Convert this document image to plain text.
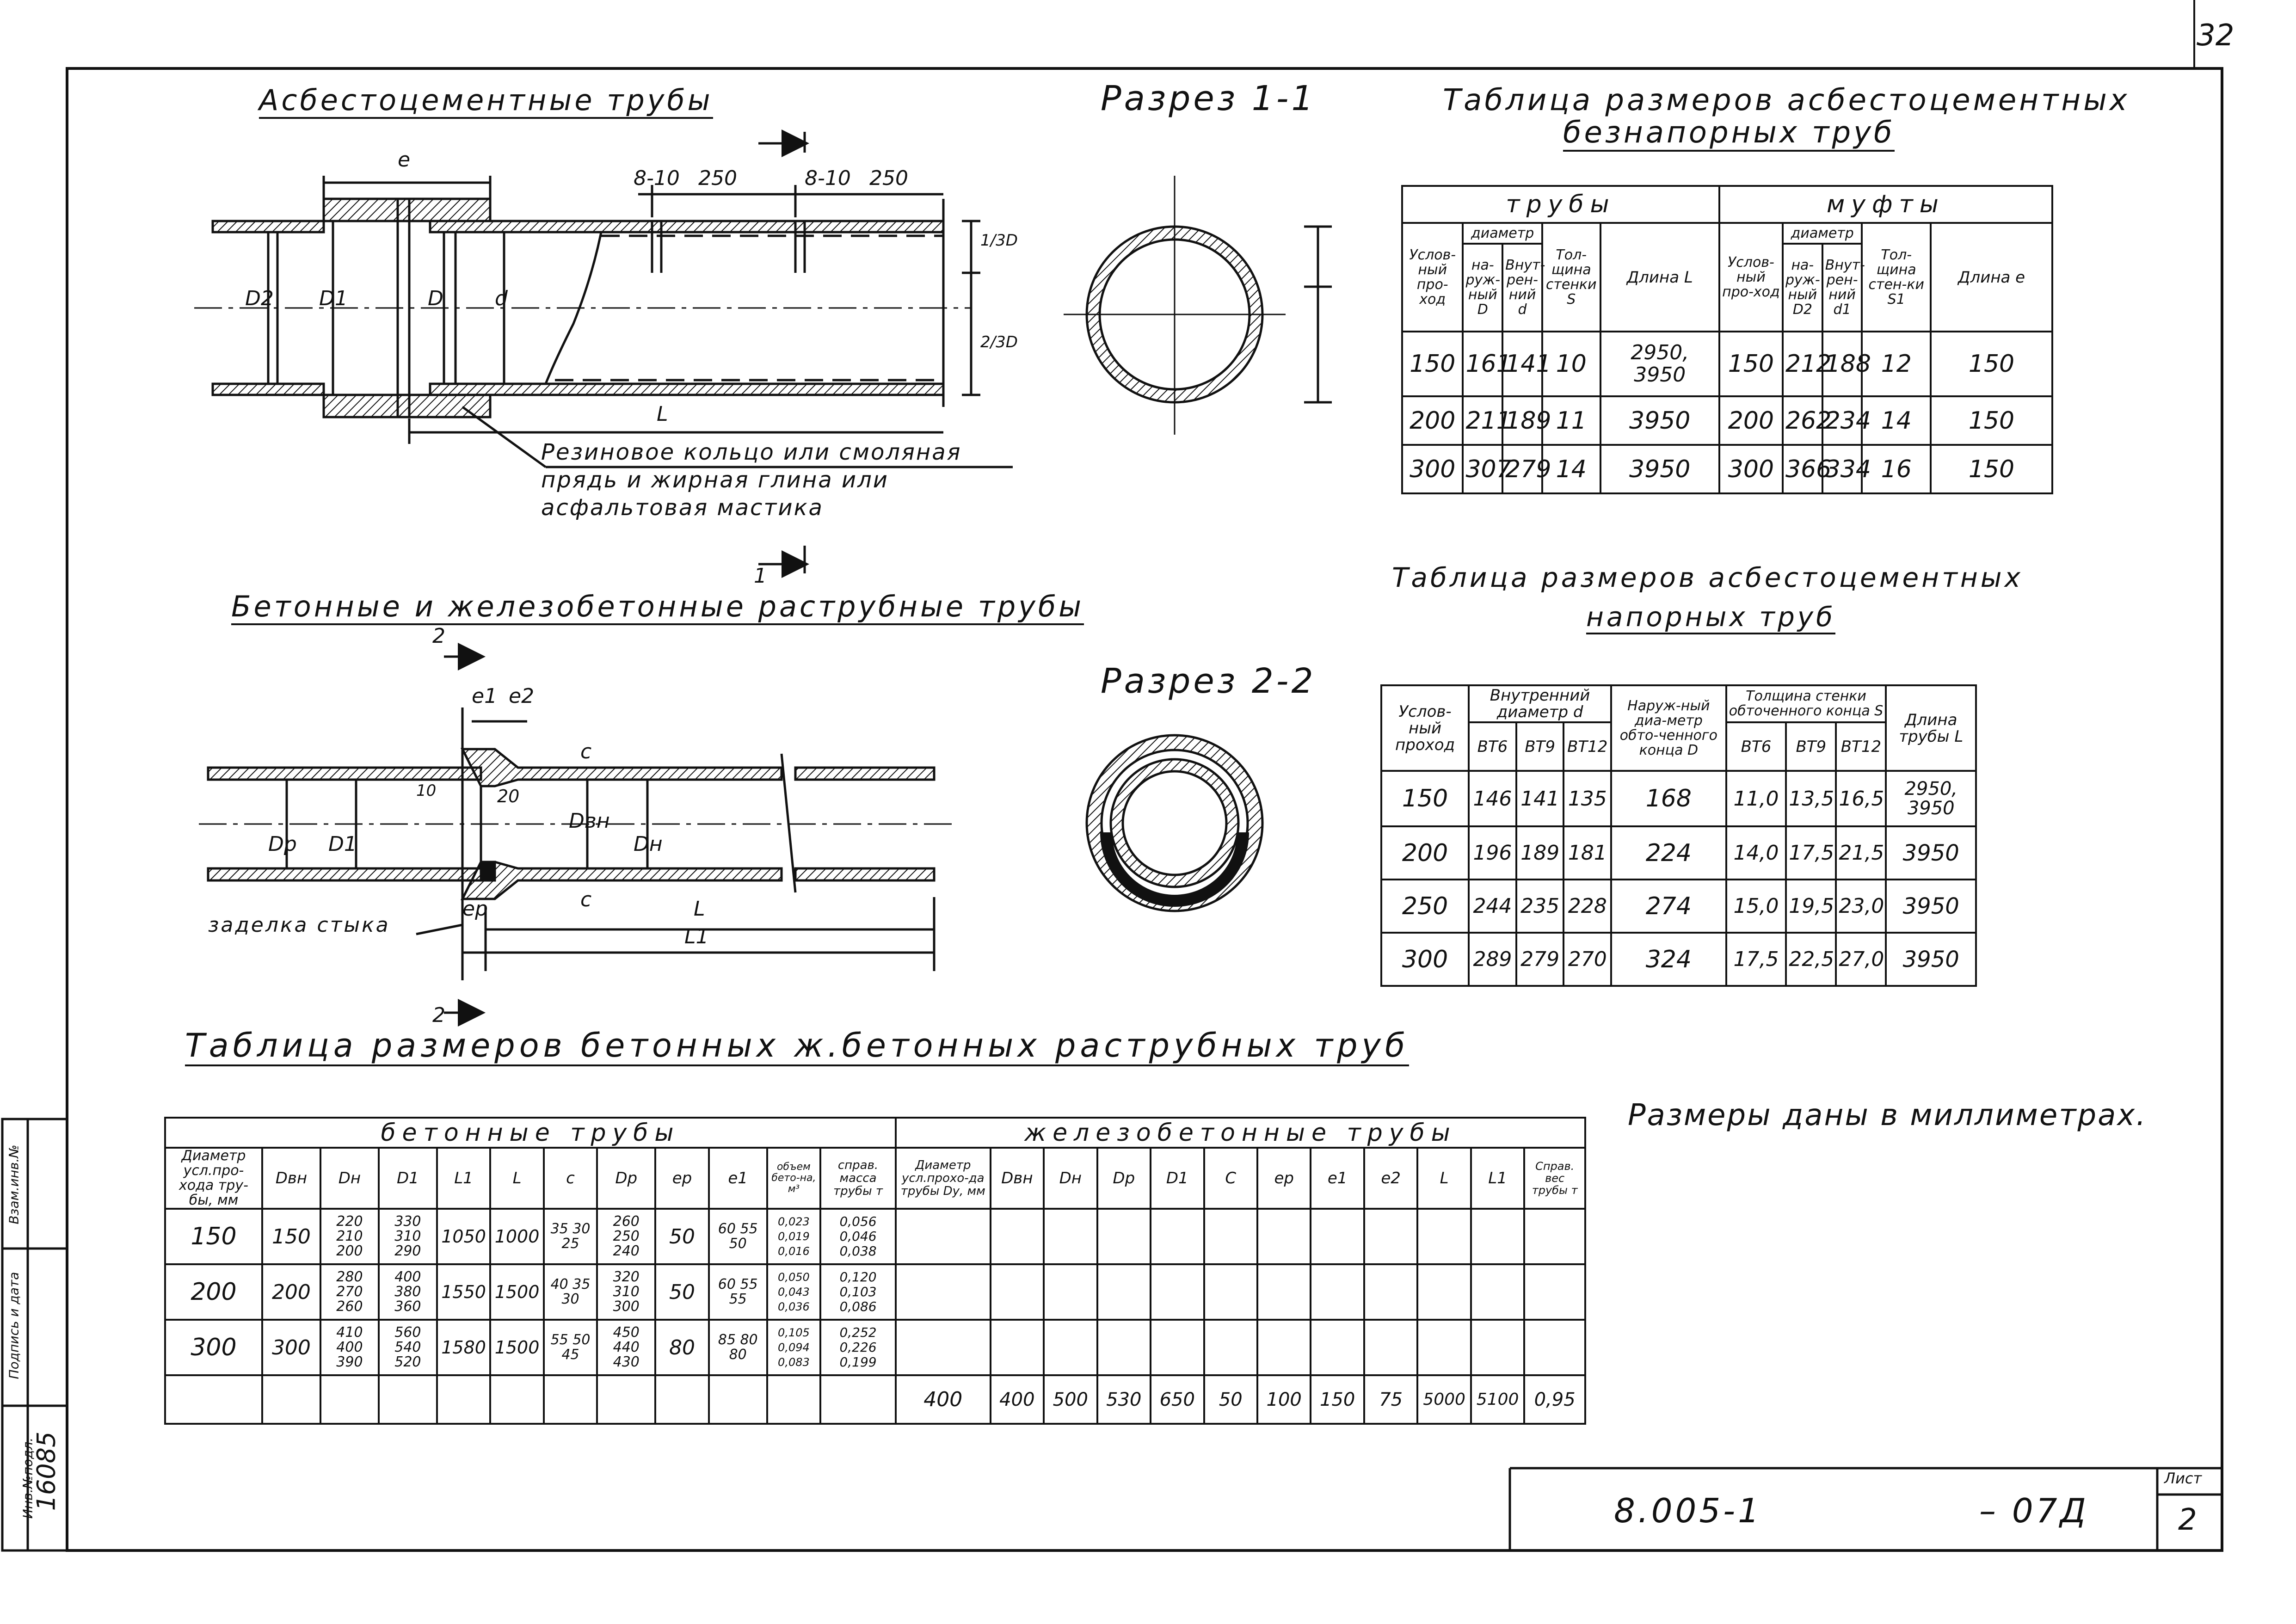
32
Асбестоцементные трубы	Разрез 1-1
e
8-10 250	8-10 250
D2 D1	D	d
L
1/3D
2/3D
1
Резиновое кольцо или смоляная
прядь и жирная глина или
асфальтовая мастика
Бетонные и железобетонные раструбные трубы
Разрез 2-2
2
e1 e2
10	20
c
c
Dр D1
Dвн
Dн
L
L1
eр
2
заделка стыка
Таблица размеров асбестоцементных
безнапорных труб
трубы					муфты				
Услов-ный про-ход	диаметр		Тол-щина стенки S	Длина L	Услов-ный про-ход	диаметр		Тол-щина стен-ки S1	Длина e
	на-руж-ный D	Внут-рен-ний d				на-руж-ный D2	Внут-рен-ний d1		
150	161	141	10	2950, 3950	150	212	188	12	150
200	211	189	11	3950	200	262	234	14	150
300	307	279	14	3950	300	366	334	16	150
Таблица размеров асбестоцементных
напорных труб
Услов-ный проход	Внутренний диаметр d			Наруж-ный диа-метр обто-ченного конца D	Толщина стенки обточенного конца S			Длина трубы L
	ВТ6	ВТ9	ВТ12		ВТ6	ВТ9	ВТ12	
150	146	141	135	168	11,0	13,5	16,5	2950, 3950
200	196	189	181	224	14,0	17,5	21,5	3950
250	244	235	228	274	15,0	19,5	23,0	3950
300	289	279	270	324	17,5	22,5	27,0	3950
Таблица размеров бетонных ж.бетонных раструбных труб
бетонные трубы												железобетонные трубы											
Диаметр усл.про-хода тру-бы, мм	Dвн	Dн	D1	L1	L	c	Dр	eр	e1	объем бето-на, м³	справ. масса трубы т	Диаметр усл.прохо-да трубы Dу, мм	Dвн	Dн	Dр	D1	C	eр	e1	e2	L	L1	Справ. вес трубы т
150	150	220 210 200	330 310 290	1050	1000	35 30 25	260 250 240	50	60 55 50	0,023 0,019 0,016	0,056 0,046 0,038												
200	200	280 270 260	400 380 360	1550	1500	40 35 30	320 310 300	50	60 55 55	0,050 0,043 0,036	0,120 0,103 0,086												
300	300	410 400 390	560 540 520	1580	1500	55 50 45	450 440 430	80	85 80 80	0,105 0,094 0,083	0,252 0,226 0,199												
												400	400	500	530	650	50	100	150	75	5000	5100	0,95
Размеры даны в миллиметрах.
8.005-1	– 07Д
Лист
2
Инв.№подл.
Подпись и дата
Взам.инв.№
16085
